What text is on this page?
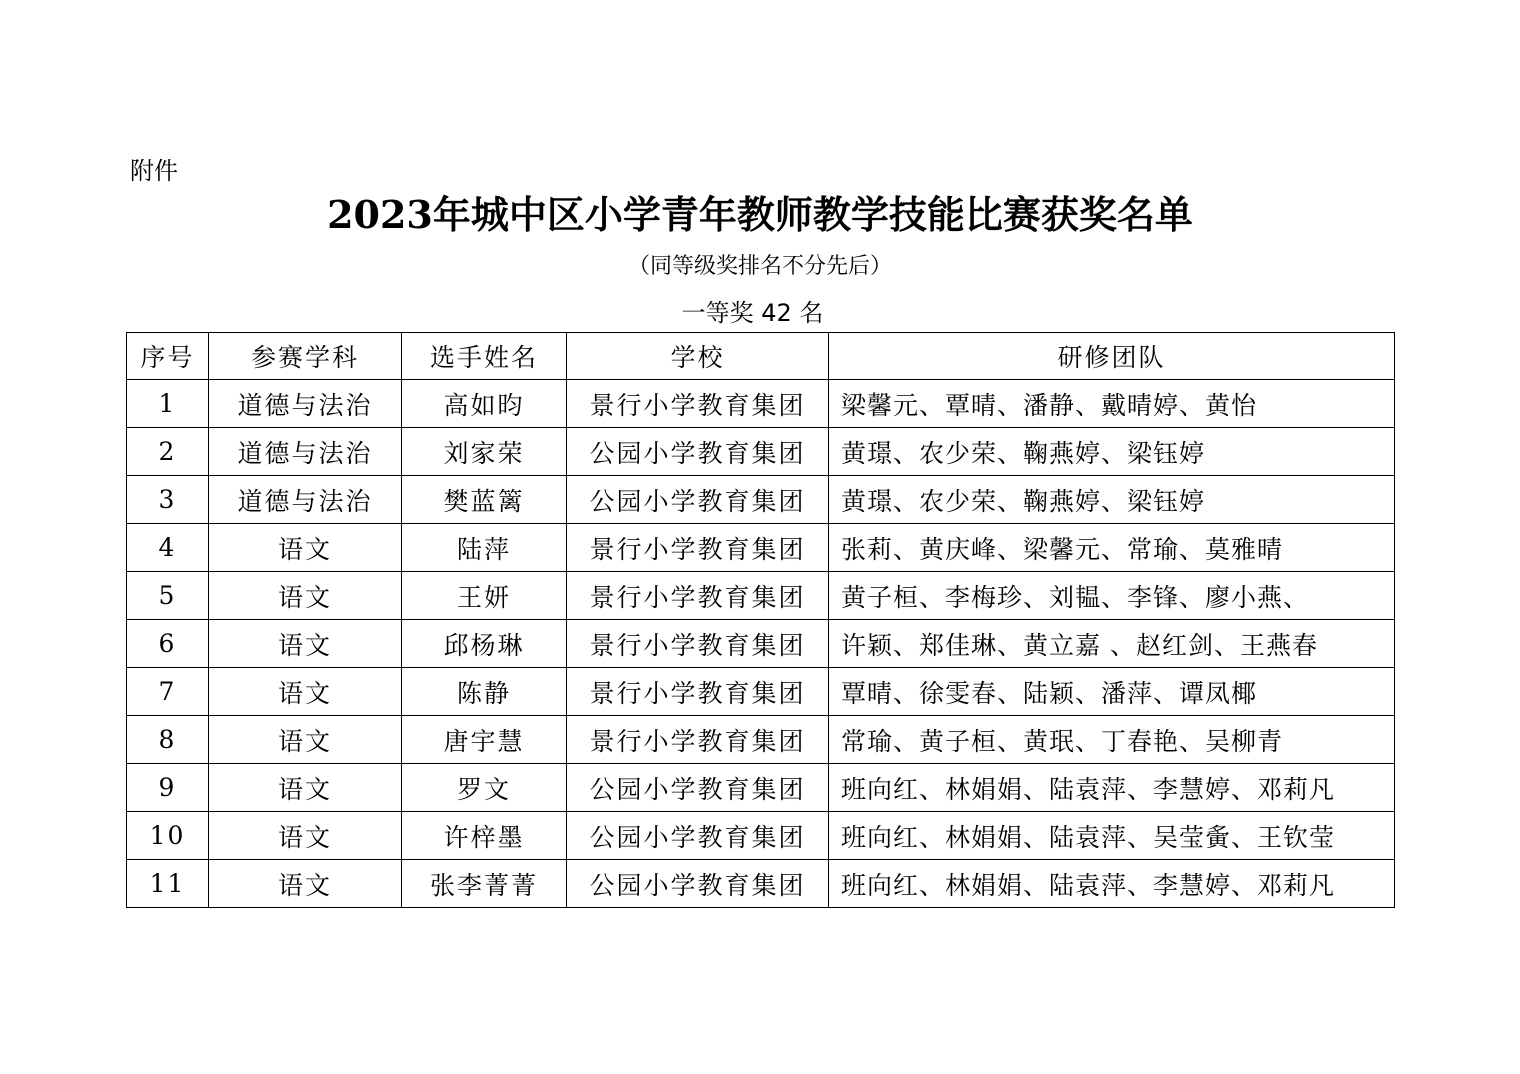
附件
2023年城中区小学青年教师教学技能比赛获奖名单
（同等级奖排名不分先后）
一等奖 42 名
序号	参赛学科	选手姓名	学校	研修团队
1	道德与法治	高如昀	景行小学教育集团	梁馨元、覃晴、潘静、戴晴婷、黄怡
2	道德与法治	刘家荣	公园小学教育集团	黄璟、农少荣、鞠燕婷、梁钰婷
3	道德与法治	樊蓝篱	公园小学教育集团	黄璟、农少荣、鞠燕婷、梁钰婷
4	语文	陆萍	景行小学教育集团	张莉、黄庆峰、梁馨元、常瑜、莫雅晴
5	语文	王妍	景行小学教育集团	黄子桓、李梅珍、刘韫、李锋、廖小燕、
6	语文	邱杨琳	景行小学教育集团	许颖、郑佳琳、黄立嘉 、赵红剑、王燕春
7	语文	陈静	景行小学教育集团	覃晴、徐雯春、陆颖、潘萍、谭凤椰
8	语文	唐宇慧	景行小学教育集团	常瑜、黄子桓、黄珉、丁春艳、吴柳青
9	语文	罗文	公园小学教育集团	班向红、林娟娟、陆袁萍、李慧婷、邓莉凡
10	语文	许梓墨	公园小学教育集团	班向红、林娟娟、陆袁萍、吴莹夤、王钦莹
11	语文	张李菁菁	公园小学教育集团	班向红、林娟娟、陆袁萍、李慧婷、邓莉凡
